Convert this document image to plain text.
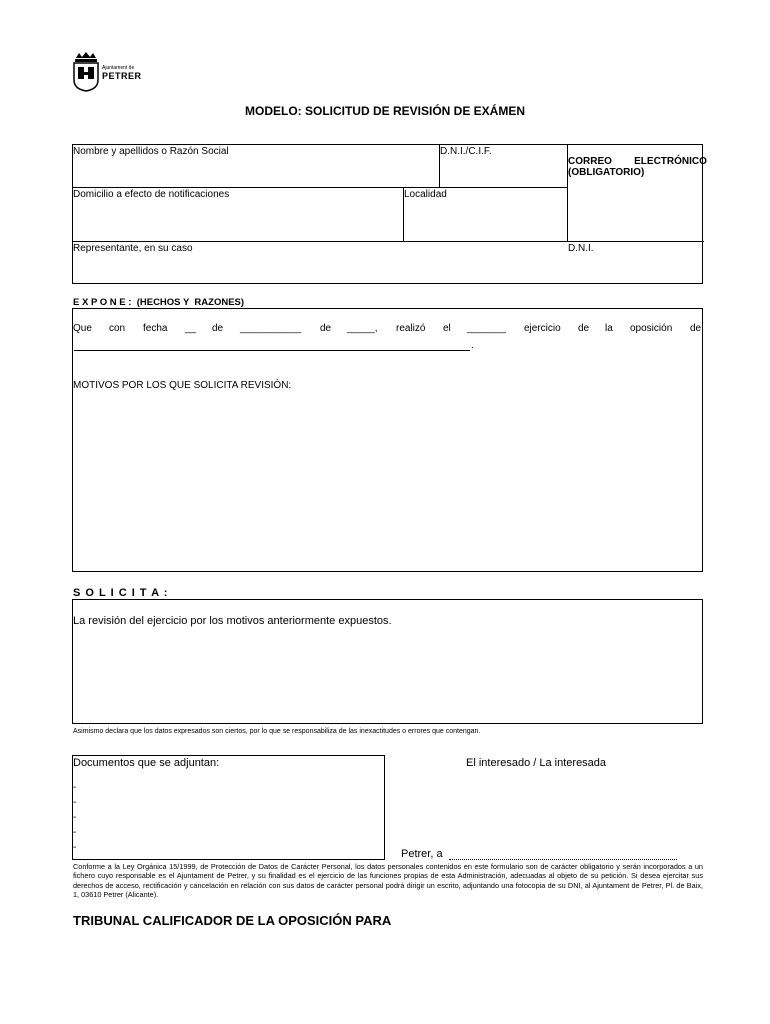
Ajuntament de
PETRER
MODELO: SOLICITUD DE REVISIÓN DE EXÁMEN
Nombre y apellidos o Razón Social	D.N.I./C.I.F.
CORREO        ELECTRÓNICO
(OBLIGATORIO)
Domicilio a efecto de notificaciones	Localidad
Representante, en su caso	D.N.I.
E X P O N E :  (HECHOS Y  RAZONES)
Que con fecha __ de ___________ de _____, realizó el _______ ejercicio de la oposición de
.
MOTIVOS POR LOS QUE SOLICITA REVISIÓN:
S O L I C I T A :
La revisión del ejercicio por los motivos anteriormente expuestos.
Asimismo declara que los datos expresados son ciertos, por lo que se responsabiliza de las inexactitudes o errores que contengan.
Documentos que se adjuntan:
-
-
-
-
-
El interesado / La interesada
Petrer, a
Conforme a la Ley Orgánica 15/1999, de Protección de Datos de Carácter Personal, los datos personales contenidos en este formulario son de carácter obligatorio y serán incorporados a un fichero cuyo responsable es el Ajuntament de Petrer, y su finalidad es el ejercicio de las funciones propias de esta Administración, adecuadas al objeto de su petición. Si desea ejercitar sus derechos de acceso, rectificación y cancelación en relación con sus datos de carácter personal podrá dirigir un escrito, adjuntando una fotocopia de su DNI, al Ajuntament de Petrer, Pl. de Baix, 1, 03610 Petrer (Alicante).
TRIBUNAL CALIFICADOR DE LA OPOSICIÓN PARA
